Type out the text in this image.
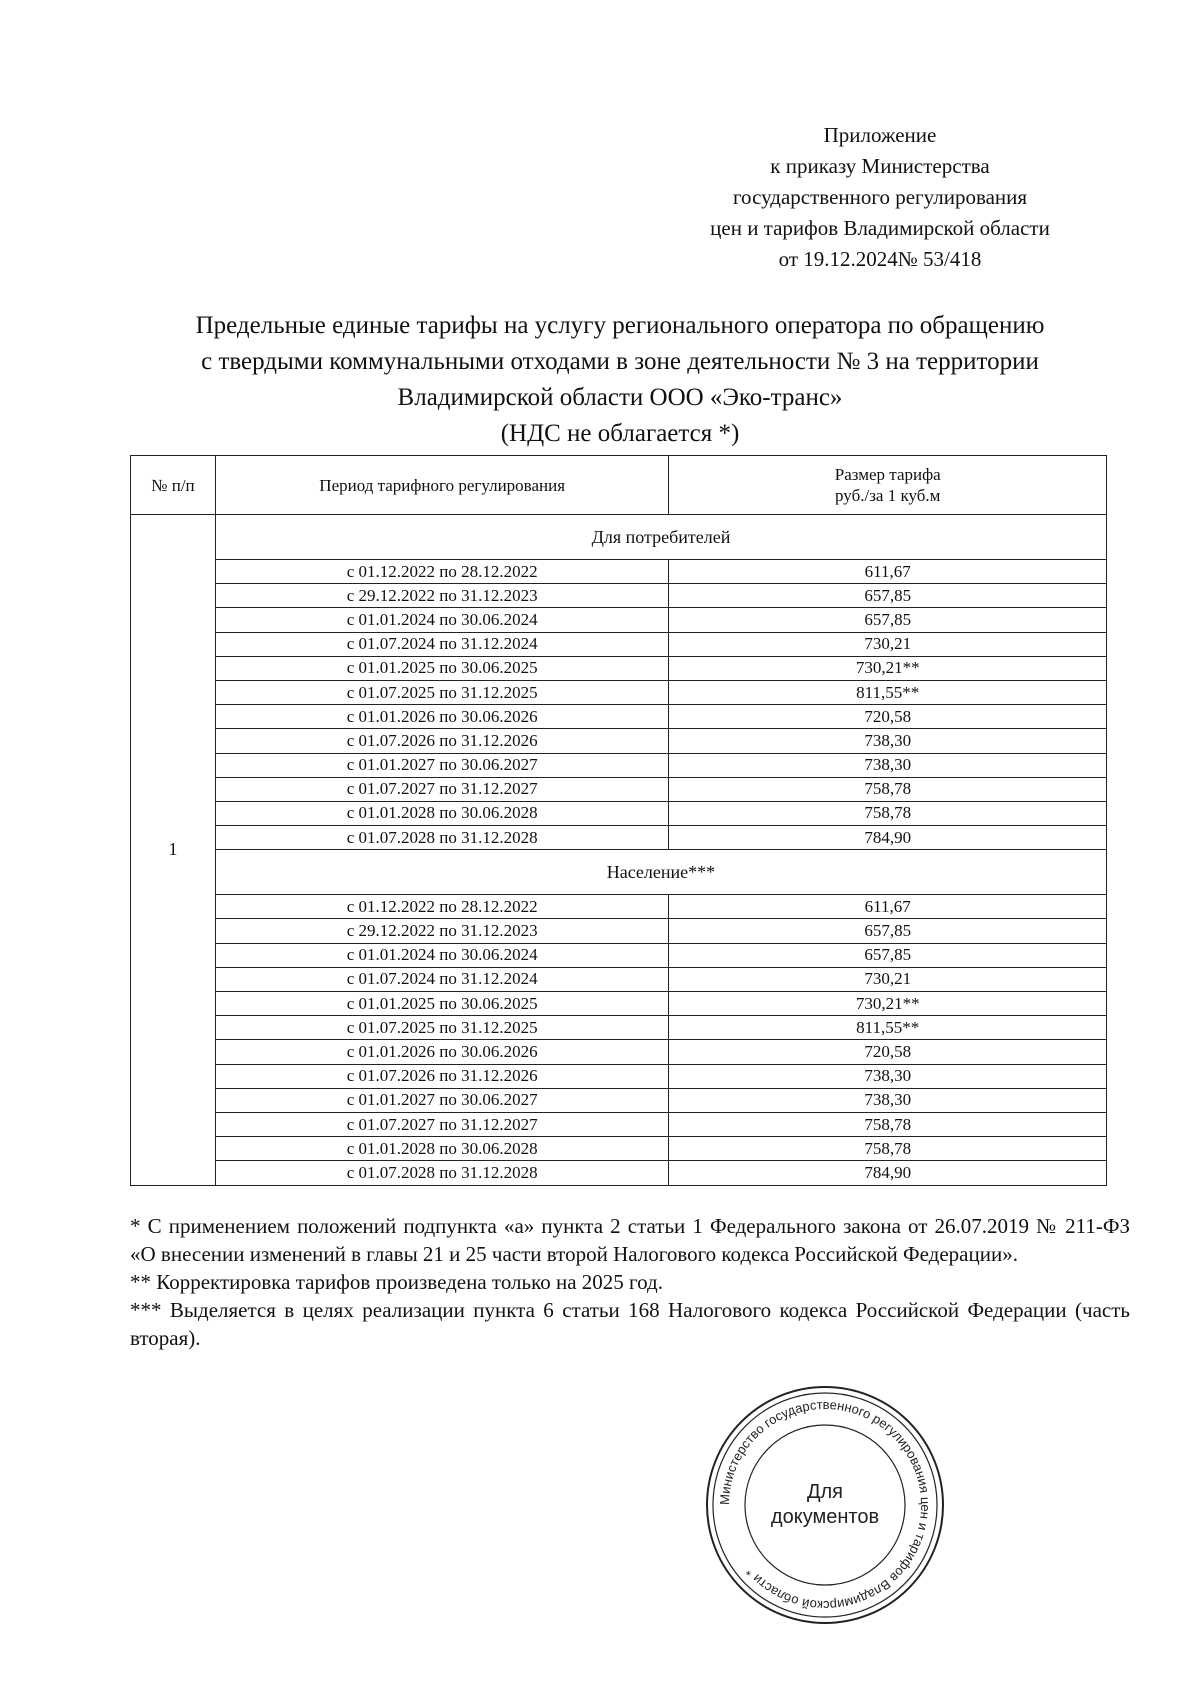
Приложение
к приказу Министерства
государственного регулирования
цен и тарифов Владимирской области
от 19.12.2024№ 53/418
Предельные единые тарифы на услугу регионального оператора по обращению
с твердыми коммунальными отходами в зоне деятельности № 3 на территории
Владимирской области ООО «Эко-транс»
(НДС не облагается *)
№ п/п	Период тарифного регулирования	Размер тарифа
руб./за 1 куб.м

1	Для потребителей	
	с 01.12.2022 по 28.12.2022	611,67
	с 29.12.2022 по 31.12.2023	657,85
	с 01.01.2024 по 30.06.2024	657,85
	с 01.07.2024 по 31.12.2024	730,21
	с 01.01.2025 по 30.06.2025	730,21**
	с 01.07.2025 по 31.12.2025	811,55**
	с 01.01.2026 по 30.06.2026	720,58
	с 01.07.2026 по 31.12.2026	738,30
	с 01.01.2027 по 30.06.2027	738,30
	с 01.07.2027 по 31.12.2027	758,78
	с 01.01.2028 по 30.06.2028	758,78
	с 01.07.2028 по 31.12.2028	784,90
	Население***	
	с 01.12.2022 по 28.12.2022	611,67
	с 29.12.2022 по 31.12.2023	657,85
	с 01.01.2024 по 30.06.2024	657,85
	с 01.07.2024 по 31.12.2024	730,21
	с 01.01.2025 по 30.06.2025	730,21**
	с 01.07.2025 по 31.12.2025	811,55**
	с 01.01.2026 по 30.06.2026	720,58
	с 01.07.2026 по 31.12.2026	738,30
	с 01.01.2027 по 30.06.2027	738,30
	с 01.07.2027 по 31.12.2027	758,78
	с 01.01.2028 по 30.06.2028	758,78
	с 01.07.2028 по 31.12.2028	784,90

* С применением положений подпункта «а» пункта 2 статьи 1 Федерального закона от 26.07.2019 № 211-ФЗ «О внесении изменений в главы 21 и 25 части второй Налогового кодекса Российской Федерации».

** Корректировка тарифов произведена только на 2025 год.

*** Выделяется в целях реализации пункта 6 статьи 168 Налогового кодекса Российской Федерации (часть вторая).

Министерство государственного регулирования цен и тарифов Владимирской области *
Для
документов
